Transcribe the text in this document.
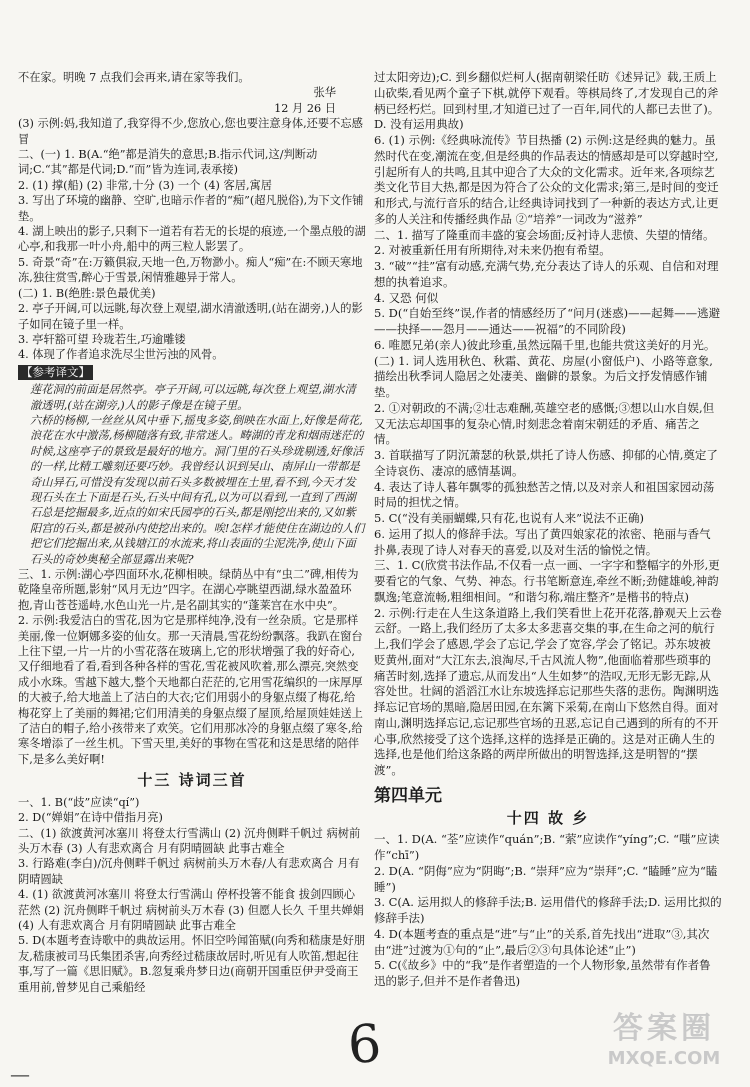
不在家。明晚 7 点我们会再来,请在家等我们。

张华

12 月 26 日

(3) 示例:妈,我知道了,我穿得不少,您放心,您也要注意身体,还要不忘感冒

二、(一) 1. B(A.“绝”都是消失的意思;B.指示代词,这/判断动词;C.“其”都是代词;D.“而”皆为连词,表承接)

2. (1) 撑(船) (2) 非常,十分 (3) 一个 (4) 客居,寓居

3. 写出了环境的幽静、空旷,也暗示作者的“痴”(超凡脱俗),为下文作铺垫。

4. 湖上映出的影子,只剩下一道若有若无的长堤的痕迹,一个墨点般的湖心亭,和我那一叶小舟,船中的两三粒人影罢了。

5. 奇景“奇”在:万籁俱寂,天地一色,万物渺小。痴人“痴”在:不顾天寒地冻,独往赏雪,醉心于雪景,闲情雅趣异于常人。

(二) 1. B(绝胜:景色最优美)

2. 亭子开阔,可以远眺,每次登上观望,湖水清澈透明,(站在湖旁,)人的影子如同在镜子里一样。

3. 亭轩豁可望 玲珑若生,巧逾雕镂

4. 体现了作者追求洗尽尘世污浊的风骨。

【参考译文】

莲花洞的前面是居然亭。亭子开阔,可以远眺,每次登上观望,湖水清澈透明,(站在湖旁,)人的影子像是在镜子里。

六桥的杨柳,一丝丝从风中垂下,摇曳多姿,倒映在水面上,好像是荷花,浪花在水中激荡,杨柳随落有致,非常迷人。畴湖的青龙和烟雨迷茫的时候,这座亭子的景致是最好的地方。洞门里的石头珍珑剔透,好像活的一样,比精工雕刻还要巧妙。我曾经认识到吴山、南屏山一带都是奇山异石,可惜没有发现以前石头多数被埋在土里,看不到,今天才发现石头在土下面是石头,石头中间有孔,以为可以看到,一直到了西湖石总是挖掘最多,近点的如宋氏园亭的石头,都是刚挖出来的,又如紫阳宫的石头,都是被孙内使挖出来的。唉!怎样才能使住在湖边的人们把它们挖掘出来,从钱塘江的水流来,将山表面的尘泥洗净,使山下面石头的奇妙奥秘全部显露出来呢?

三、1. 示例:湖心亭四面环水,花柳相映。绿荫丛中有“虫二”碑,相传为乾隆皇帝所题,影射“风月无边”四字。在湖心亭眺望西湖,绿水盈盈环抱,青山苍苍遥峙,水色山光一片,是名副其实的“蓬莱宫在水中央”。

2. 示例:我爱洁白的雪花,因为它是那样纯净,没有一丝杂质。它是那样美丽,像一位婀娜多姿的仙女。那一天清晨,雪花纷纷飘落。我趴在窗台上往下望,一片一片的小雪花落在玻璃上,它的形状增强了我的好奇心,又仔细地看了看,看到各种各样的雪花,雪花被风吹着,那么漂亮,突然变成小水珠。雪越下越大,整个天地都白茫茫的,它用雪花编织的一床厚厚的大被子,给大地盖上了洁白的大衣;它们用弱小的身躯点缀了梅花,给梅花穿上了美丽的舞裙;它们用清美的身躯点缀了屋顶,给屋顶娃娃送上了洁白的帽子,给小孩带来了欢笑。它们用那冰冷的身躯点缀了寒冬,给寒冬增添了一丝生机。下雪天里,美好的事物在雪花和这是思绪的陪伴下,是多么美好啊!

十三 诗词三首

一、1. B(“歧”应读“qí”)

2. D(“婵娟”在诗中借指月亮)

二、(1) 欲渡黄河冰塞川 将登太行雪满山 (2) 沉舟侧畔千帆过 病树前头万木春 (3) 人有悲欢离合 月有阴晴圆缺 此事古难全

3. 行路难(李白)/沉舟侧畔千帆过 病树前头万木春/人有悲欢离合 月有阴晴圆缺

4. (1) 欲渡黄河冰塞川 将登太行雪满山 停杯投箸不能食 拔剑四顾心茫然 (2) 沉舟侧畔千帆过 病树前头万木春 (3) 但愿人长久 千里共婵娟 (4) 人有悲欢离合 月有阴晴圆缺 此事古难全

5. D(本题考查诗歌中的典故运用。怀旧空吟闻笛赋(向秀和嵇康是好朋友,嵇康被司马氏集团杀害,向秀经过嵇康故居时,听见有人吹笛,想起往事,写了一篇《思旧赋》。B.忽复乘舟梦日边(商朝开国重臣伊尹受商王重用前,曾梦见自己乘船经

过太阳旁边);C. 到乡翻似烂柯人(据南朝梁任昉《述异记》载,王质上山砍柴,看见两个童子下棋,就停下观看。等棋局终了,才发现自己的斧柄已经朽烂。回到村里,才知道已过了一百年,同代的人都已去世了)。D. 没有运用典故)

6. (1) 示例:《经典咏流传》节目热播 (2) 示例:这是经典的魅力。虽然时代在变,潮流在变,但是经典的作品表达的情感却是可以穿越时空,引起所有人的共鸣,且其中迎合了大众的文化需求。近年来,各项综艺类文化节目大热,都是因为符合了公众的文化需求;第三,是时间的变迁和形式,与流行音乐的结合,让经典诗词找到了一种新的表达方式,让更多的人关注和传播经典作品 ②“培养”一词改为“滋养”

二、1. 描写了隆重而丰盛的宴会场面;反衬诗人悲愤、失望的情绪。

2. 对被重新任用有所期待,对未来仍抱有希望。

3. “破”“挂”富有动感,充满气势,充分表达了诗人的乐观、自信和对理想的执着追求。

4. 又恐 何似

5. D(“自始至终”误,作者的情感经历了“问月(迷惑)——起舞——逃避——抉择——怨月——通达——祝福”的不同阶段)

6. 唯愿兄弟(亲人)彼此珍重,虽然远隔千里,也能共赏这美好的月光。

(二) 1. 词人选用秋色、秋霜、黄花、房屋(小窗低户)、小路等意象,描绘出秋季词人隐居之处凄美、幽僻的景象。为后文抒发情感作铺垫。

2. ①对朝政的不满;②壮志难酬,英雄空老的感慨;③想以山水自娱,但又无法忘却国事的复杂心情,时刻悲念着南宋朝廷的矛盾、痛苦之情。

3. 首联描写了阴沉萧瑟的秋景,烘托了诗人伤感、抑郁的心情,奠定了全诗哀伤、凄凉的感情基调。

4. 表达了诗人暮年飘零的孤独愁苦之情,以及对亲人和祖国家园动荡时局的担忧之情。

5. C(“没有美丽蝴蝶,只有花,也说有人来”说法不正确)

6. 运用了拟人的修辞手法。写出了黄四娘家花的浓密、艳丽与香气扑鼻,表现了诗人对春天的喜爱,以及对生活的愉悦之情。

三、1. C(欣赏书法作品,不仅看一点一画、一字字和整幅字的外形,更要看它的气象、气势、神态。行书笔断意连,牵丝不断;劲健雄峻,神韵飘逸;笔意流畅,粗细相间。“和谐匀称,端庄整齐”是楷书的特点)

2. 示例:行走在人生这条道路上,我们笑看世上花开花落,静观天上云卷云舒。一路上,我们经历了太多太多悲喜交集的事,在生命之河的航行上,我们学会了感恩,学会了忘记,学会了宽容,学会了铭记。苏东坡被贬黄州,面对“大江东去,浪淘尽,千古风流人物”,他面临着那些琐事的痛苦时刻,选择了遗忘,从而发出“人生如梦”的浩叹,无形无影无踪,从容处世。壮阔的滔滔江水让东坡选择忘记那些失落的悲伤。陶渊明选择忘记官场的黑暗,隐居田园,在东篱下采菊,在南山下悠然自得。面对南山,渊明选择忘记,忘记那些官场的丑恶,忘记自己遇到的所有的不开心事,欣然接受了这个选择,这样的选择是正确的。这是对正确人生的选择,也是他们给这条路的两岸所做出的明智选择,这是明智的“摆渡”。

第四单元
十四 故 乡

一、1. D(A. “荃”应读作“quán”;B. “萦”应读作“yíng”;C. “嗤”应读作“chī”)

2. D(A. “阴侮”应为“阴晦”;B. “崇拜”应为“崇拜”;C. “瞌睡”应为“瞌睡”)

3. C(A. 运用拟人的修辞手法;B. 运用借代的修辞手法;D. 运用比拟的修辞手法)

4. D(本题考查的重点是“进”与“止”的关系,首先找出“进取”③,其次由“进”过渡为①句的“止”,最后②③句具体论述“止”)

5. C(《故乡》中的“我”是作者塑造的一个人物形象,虽然带有作者鲁迅的影子,但并不是作者鲁迅)

—	6	答案圈
MXQE.COM
